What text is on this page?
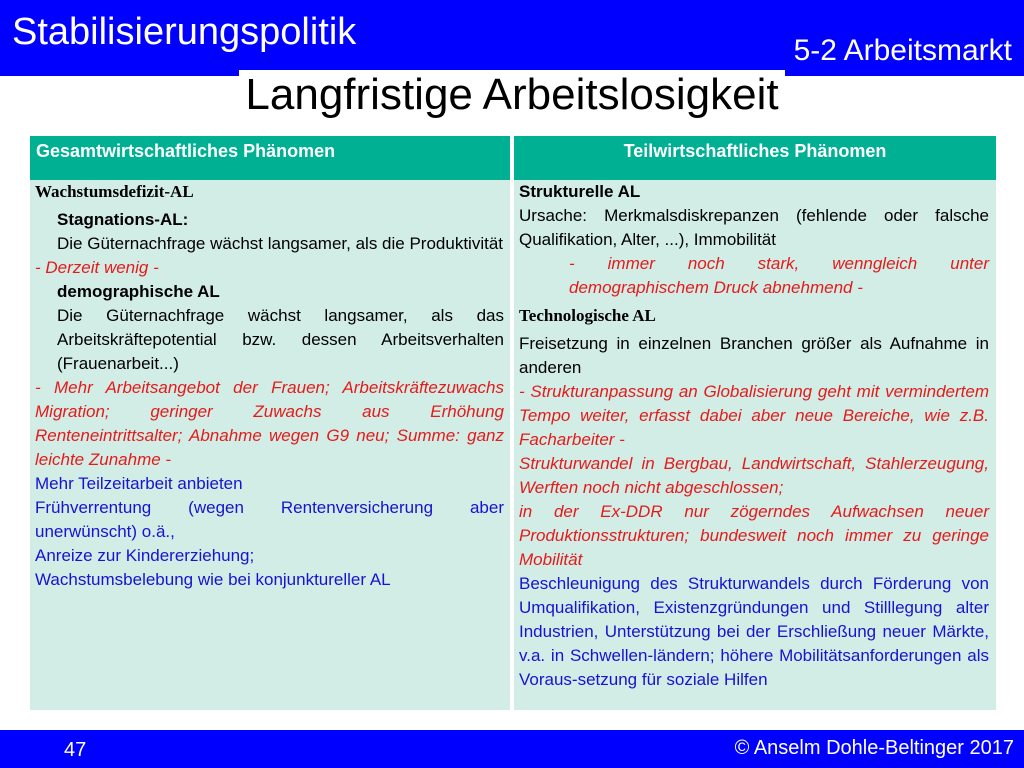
Stabilisierungspolitik	5-2 Arbeitsmarkt
Langfristige Arbeitslosigkeit
Gesamtwirtschaftliches Phänomen	Teilwirtschaftliches Phänomen

Wachstumsdefizit-AL

Stagnations-AL:

Die Güternachfrage wächst langsamer, als die Produktivität

- Derzeit wenig -

demographische AL

Die Güternachfrage wächst langsamer, als das Arbeitskräftepotential bzw. dessen Arbeitsverhalten (Frauenarbeit...)

- Mehr Arbeitsangebot der Frauen; Arbeitskräftezuwachs Migration; geringer Zuwachs aus Erhöhung Renteneintrittsalter; Abnahme wegen G9 neu; Summe: ganz leichte Zunahme -

Mehr Teilzeitarbeit anbieten

Frühverrentung (wegen Rentenversicherung aber unerwünscht) o.ä.,

Anreize zur Kindererziehung;

Wachstumsbelebung wie bei konjunktureller AL

Strukturelle AL

Ursache: Merkmalsdiskrepanzen (fehlende oder falsche Qualifikation, Alter, ...), Immobilität

- immer noch stark, wenngleich unter demographischem Druck abnehmend -

Technologische AL

Freisetzung in einzelnen Branchen größer als Aufnahme in anderen

- Strukturanpassung an Globalisierung geht mit vermindertem Tempo weiter, erfasst dabei aber neue Bereiche, wie z.B. Facharbeiter -

Strukturwandel in Bergbau, Landwirtschaft, Stahlerzeugung, Werften noch nicht abgeschlossen;

in der Ex-DDR nur zögerndes Aufwachsen neuer Produktionsstrukturen; bundesweit noch immer zu geringe Mobilität

Beschleunigung des Strukturwandels durch Förderung von Umqualifikation, Existenzgründungen und Stilllegung alter Industrien, Unterstützung bei der Erschließung neuer Märkte, v.a. in Schwellen-ländern; höhere Mobilitätsanforderungen als Voraus-setzung für soziale Hilfen

47	© Anselm Dohle-Beltinger 2017
